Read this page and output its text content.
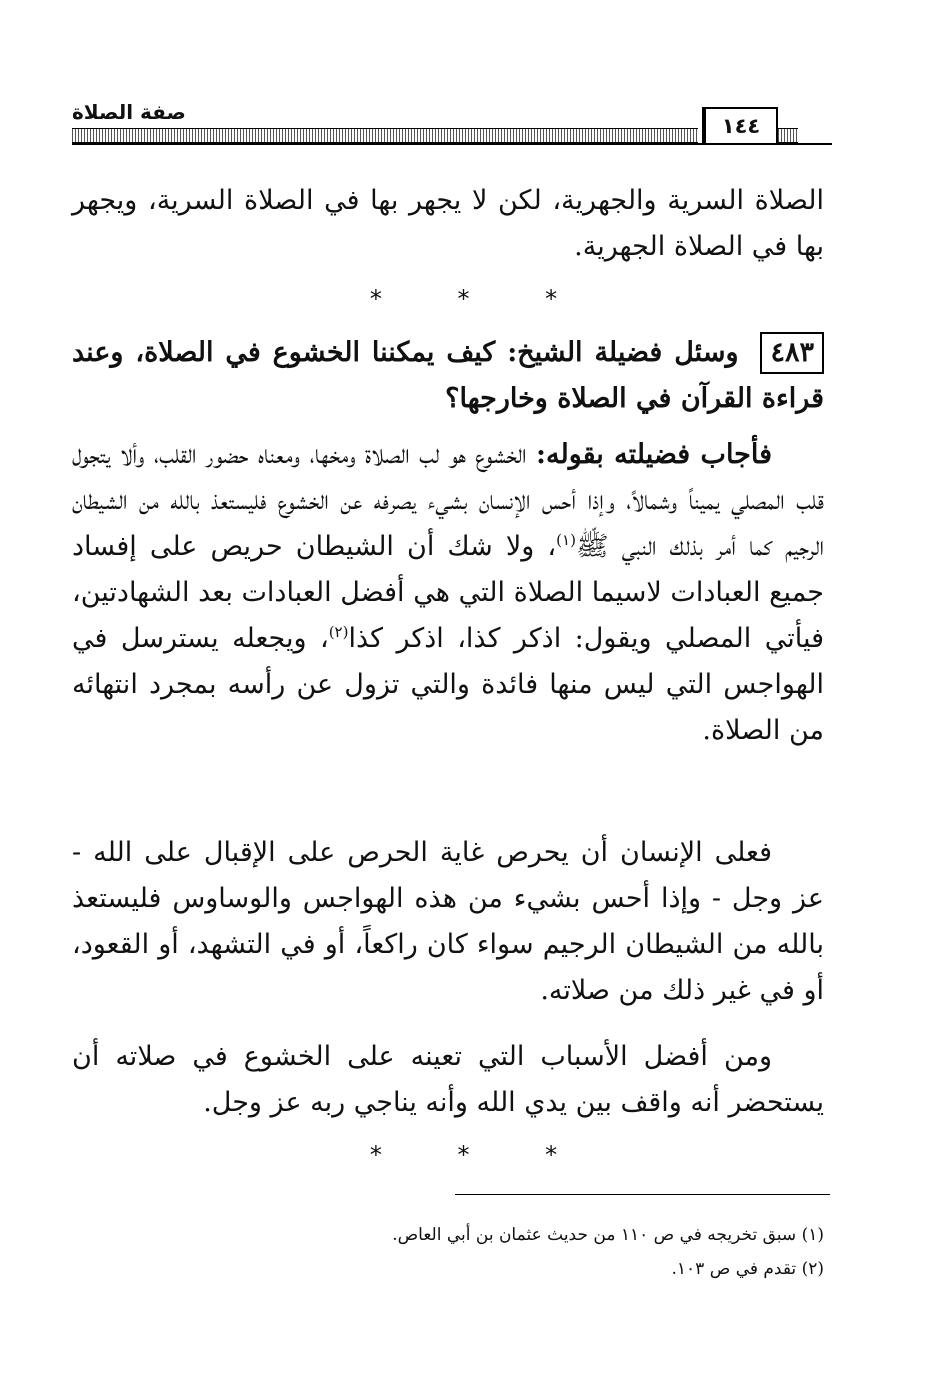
صفة الصلاة
١٤٤
الصلاة السرية والجهرية، لكن لا يجهر بها في الصلاة السرية، ويجهر بها في الصلاة الجهرية.
* * *
٤٨٣وسئل فضيلة الشيخ: كيف يمكننا الخشوع في الصلاة، وعند قراءة القرآن في الصلاة وخارجها؟
فأجاب فضيلته بقوله: الخشوع هو لب الصلاة ومخها، ومعناه حضور القلب، وألا يتجول قلب المصلي يميناً وشمالاً، وإذا أحس الإنسان بشيء يصرفه عن الخشوع فليستعذ بالله من الشيطان الرجيم كما أمر بذلك النبي ﷺ$^{(١)}$، ولا شك أن الشيطان حريص على إفساد جميع العبادات لاسيما الصلاة التي هي أفضل العبادات بعد الشهادتين، فيأتي المصلي ويقول: اذكر كذا، اذكر كذا$^{(٢)}$، ويجعله يسترسل في الهواجس التي ليس منها فائدة والتي تزول عن رأسه بمجرد انتهائه من الصلاة.
فعلى الإنسان أن يحرص غاية الحرص على الإقبال على الله - عز وجل - وإذا أحس بشيء من هذه الهواجس والوساوس فليستعذ بالله من الشيطان الرجيم سواء كان راكعاً، أو في التشهد، أو القعود، أو في غير ذلك من صلاته.
ومن أفضل الأسباب التي تعينه على الخشوع في صلاته أن يستحضر أنه واقف بين يدي الله وأنه يناجي ربه عز وجل.
* * *
(١) سبق تخريجه في ص ١١٠ من حديث عثمان بن أبي العاص.
(٢) تقدم في ص ١٠٣.
